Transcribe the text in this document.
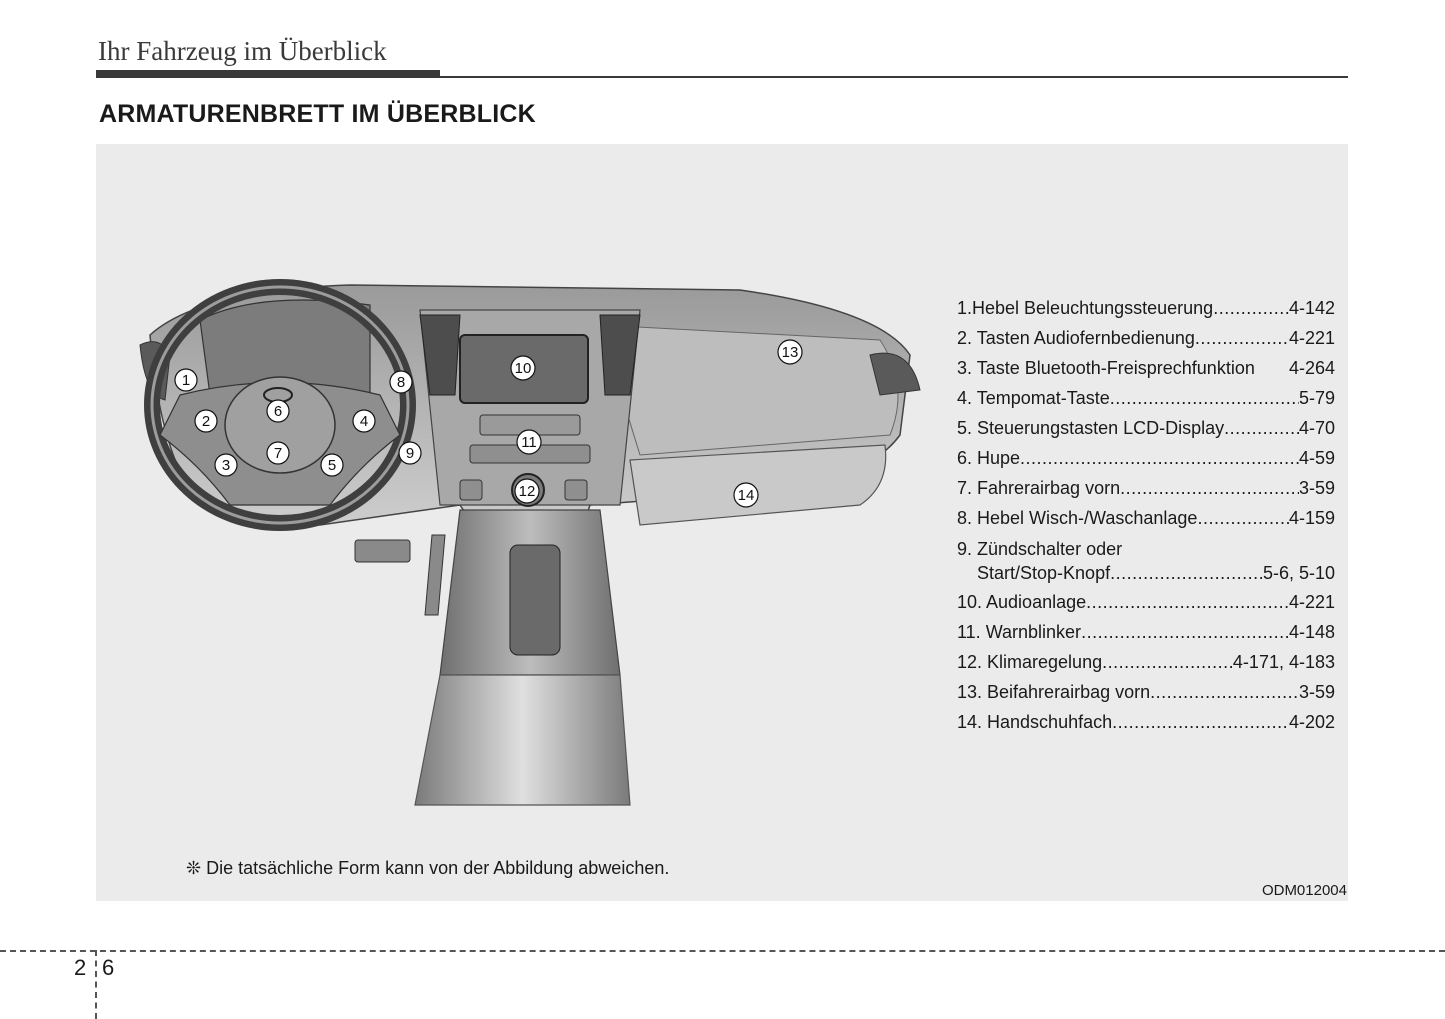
Ihr Fahrzeug im Überblick
ARMATURENBRETT IM ÜBERBLICK
1
2
3
4
5
6
7
8
9
10
11
12
13
14
1.Hebel Beleuchtungssteuerung .....	4-142
2. Tasten Audiofernbedienung .....	4-221
3. Taste Bluetooth-Freisprechfunktion 4-264
4. Tempomat-Taste .....	5-79
5. Steuerungstasten LCD-Display .....	4-70
6. Hupe .....	4-59
7. Fahrerairbag vorn .....	3-59
8. Hebel Wisch-/Waschanlage .....	4-159
9. Zündschalter oder
Start/Stop-Knopf .....	5-6, 5-10
10. Audioanlage .....	4-221
11. Warnblinker .....	4-148
12. Klimaregelung .....	4-171, 4-183
13. Beifahrerairbag vorn .....	3-59
14. Handschuhfach .....	4-202
❊ Die tatsächliche Form kann von der Abbildung abweichen.
ODM012004
2 6
